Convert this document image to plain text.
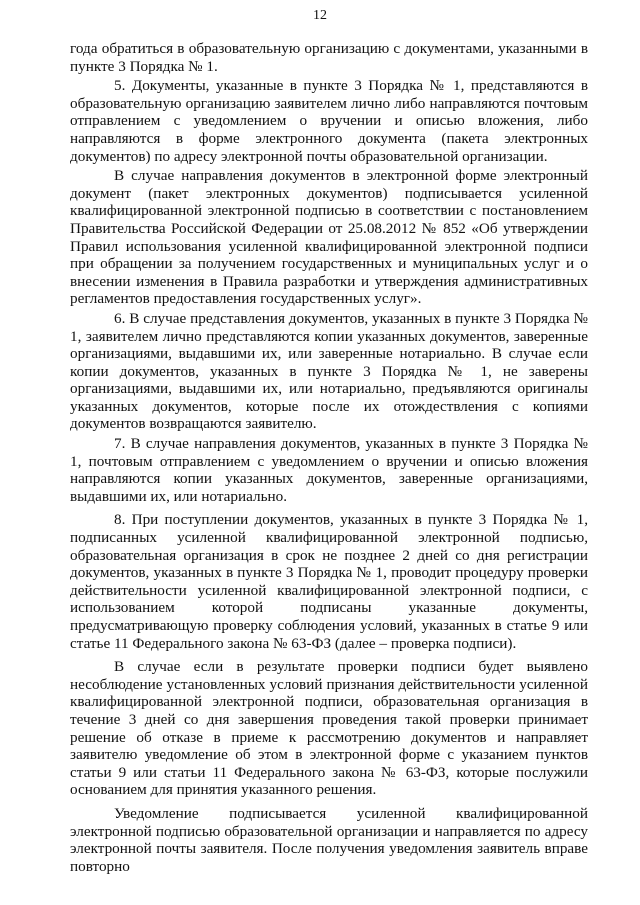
12

года обратиться в образовательную организацию с документами, указанными в пункте 3 Порядка № 1.

5. Документы, указанные в пункте 3 Порядка № 1, представляются в образовательную организацию заявителем лично либо направляются почтовым отправлением с уведомлением о вручении и описью вложения, либо направляются в форме электронного документа (пакета электронных документов) по адресу электронной почты образовательной организации.

В случае направления документов в электронной форме электронный документ (пакет электронных документов) подписывается усиленной квалифицированной электронной подписью в соответствии с постановлением Правительства Российской Федерации от 25.08.2012 № 852 «Об утверждении Правил использования усиленной квалифицированной электронной подписи при обращении за получением государственных и муниципальных услуг и о внесении изменения в Правила разработки и утверждения административных регламентов предоставления государственных услуг».

6. В случае представления документов, указанных в пункте 3 Порядка № 1, заявителем лично представляются копии указанных документов, заверенные организациями, выдавшими их, или заверенные нотариально. В случае если копии документов, указанных в пункте 3 Порядка № 1, не заверены организациями, выдавшими их, или нотариально, предъявляются оригиналы указанных документов, которые после их отождествления с копиями документов возвращаются заявителю.

7. В случае направления документов, указанных в пункте 3 Порядка № 1, почтовым отправлением с уведомлением о вручении и описью вложения направляются копии указанных документов, заверенные организациями, выдавшими их, или нотариально.

8. При поступлении документов, указанных в пункте 3 Порядка № 1, подписанных усиленной квалифицированной электронной подписью, образовательная организация в срок не позднее 2 дней со дня регистрации документов, указанных в пункте 3 Порядка № 1, проводит процедуру проверки действительности усиленной квалифицированной электронной подписи, с использованием которой подписаны указанные документы, предусматривающую проверку соблюдения условий, указанных в статье 9 или статье 11 Федерального закона № 63-ФЗ (далее – проверка подписи).

В случае если в результате проверки подписи будет выявлено несоблюдение установленных условий признания действительности усиленной квалифицированной электронной подписи, образовательная организация в течение 3 дней со дня завершения проведения такой проверки принимает решение об отказе в приеме к рассмотрению документов и направляет заявителю уведомление об этом в электронной форме с указанием пунктов статьи 9 или статьи 11 Федерального закона № 63-ФЗ, которые послужили основанием для принятия указанного решения.

Уведомление подписывается усиленной квалифицированной электронной подписью образовательной организации и направляется по адресу электронной почты заявителя. После получения уведомления заявитель вправе повторно
